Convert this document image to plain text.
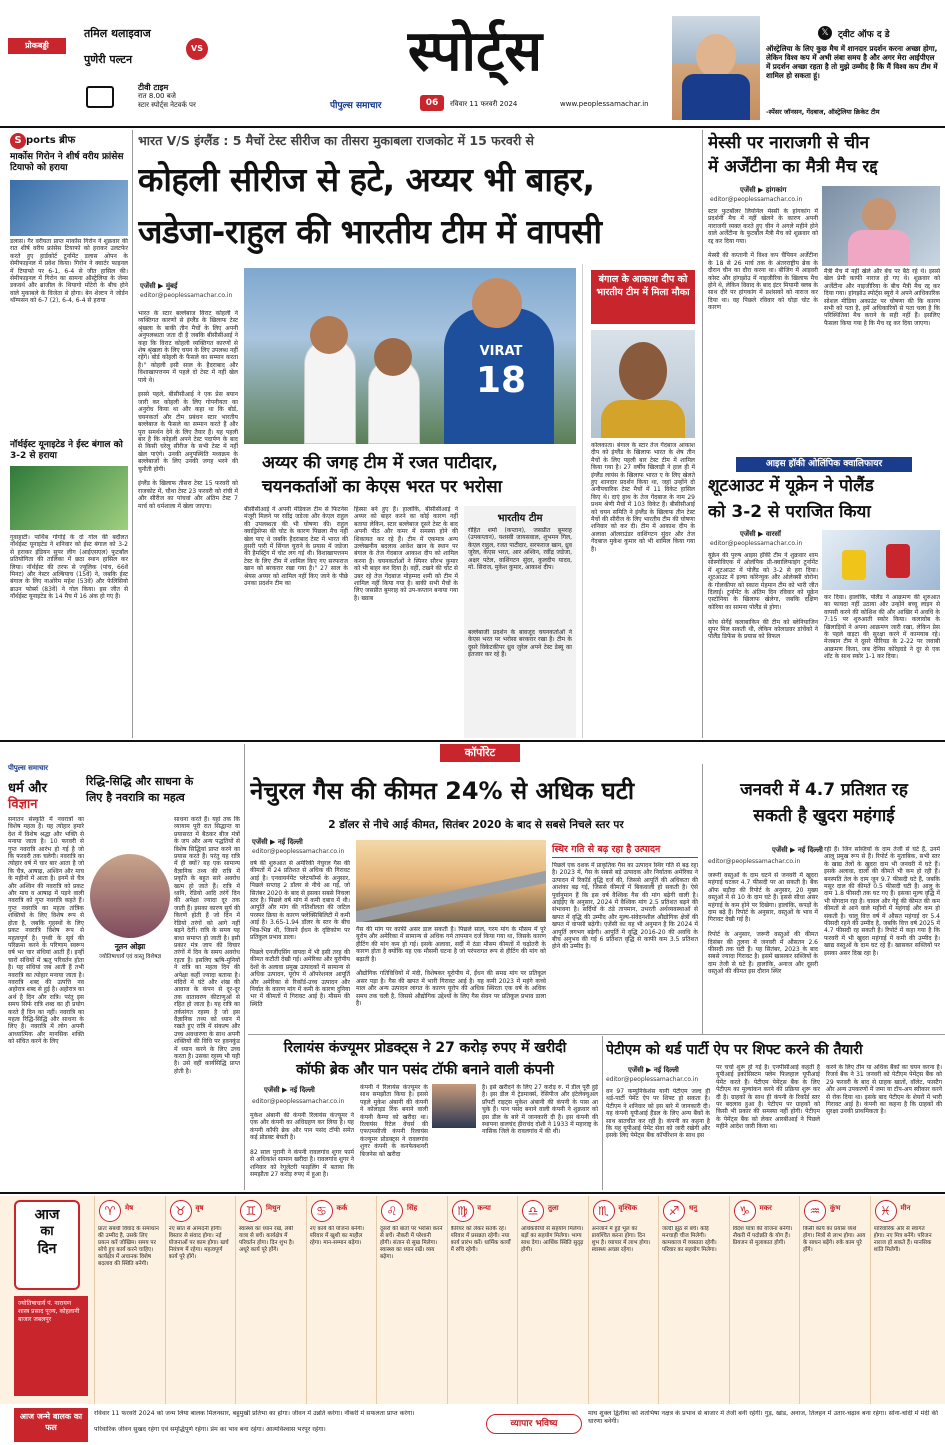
प्रोकबड्डी
तमिल थलाइवाज
VS
पुणेरी पल्टन
टीवी टाइम
रात 8.00 बजे
स्टार स्पोर्ट्स नेटवर्क पर
स्पोर्ट्स
पीपुल्स समाचार	06	रविवार 11 फरवरी 2024	www.peoplessamachar.in
𝕏	ट्वीट ऑफ द डे
ऑस्ट्रेलिया के लिए कुछ मैच में शानदार प्रदर्शन करना अच्छा होगा, लेकिन विश्व कप में अभी लंबा समय है और अगर मेरा आईपीएल में प्रदर्शन अच्छा रहता है तो मुझे उम्मीद है कि मैं विश्व कप टीम में शामिल हो सकता हूं।
-स्पेंसर जॉनसन, गेंदबाज, ऑस्ट्रेलिया क्रिकेट टीम
S ports ब्रीफ
मार्कोस गिरोन ने शीर्ष वरीय फ्रांसेस टियाफो को हराया
डलास। गैर वरीयता प्राप्त मार्कोस गिरोन ने शुक्रवार की रात शीर्ष वरीय फ्रांसेस टियाफो को हराकर उलटफेर करते हुए हार्डकोर्ट टूर्नामेंट डलास ओपन के सेमीफाइनल में प्रवेश किया। गिरोन ने क्वार्टर फाइनल में टियाफो पर 6-1, 6-4 से जीत हासिल की। सेमीफाइनल में गिरोन का सामना ऑस्ट्रेलिया के जेम्स डकवर्थ और ब्राजील के थियागो मोंटेरो के बीच होने वाले मुकाबले के विजेता से होगा। बेन शेल्टन ने जोर्डन थॉम्पसन को 6-7 (2), 6-4, 6-4 से हराया
नॉर्थईस्ट यूनाइटेड ने ईस्ट बंगाल को 3-2 से हराया
गुवाहाटी। पार्थिब गोगोई के दो गोल की बदौलत नॉर्थईस्ट यूनाइटेड ने शनिवार को ईस्ट बंगाल को 3-2 से हराकर इंडियन सुपर लीग (आईएसएल) फुटबॉल प्रतियोगिता की तालिका में छठा स्थान हासिल कर लिया। नॉर्थईस्ट की तरफ से ज्यूलिक (पांच, 66वें मिनट) और नेस्टर अल्बियाच (15वें) ने, जबकि ईस्ट बंगाल के लिए नाओरेम महेश (53वें) और फेलिसियो ब्राउन फोर्ब्स (83वें) ने गोल किया। इस जीत से नॉर्थईस्ट यूनाइटेड के 14 मैच में 16 अंक हो गए हैं।
भारत V/S इंग्लैंड : 5 मैचों टेस्ट सीरीज का तीसरा मुकाबला राजकोट में 15 फरवरी से
कोहली सीरीज से हटे, अय्यर भी बाहर,
जडेजा-राहुल की भारतीय टीम में वापसी
एजेंसी ▶ मुंबई
editor@peoplessamachar.co.in
भारत के स्टार बल्लेबाज विराट कोहली ने व्यक्तिगत कारणों से इंग्लैंड के खिलाफ टेस्ट श्रृंखला के बाकी तीन मैचों के लिए अपनी अनुपलब्धता जता दी है जबकि बीसीसीआई ने कहा कि विराट कोहली व्यक्तिगत कारणों से शेष श्रृंखला के लिए चयन के लिए उपलब्ध नहीं रहेंगे। बोर्ड कोहली के फैसले का सम्मान करता है।" कोहली इसी साल के हैदराबाद और विशाखापत्तनम में पहले दो टेस्ट में नहीं खेल पाये थे।

इससे पहले, बीसीसीआई ने एक प्रेस बयान जारी कर कोहली के लिए गोपनीयता का अनुरोध किया था और कहा था कि बोर्ड, चयनकर्ता और टीम प्रबंधन स्टार भारतीय बल्लेबाज के फैसले का सम्मान करते हैं और पूरा समर्थन देने के लिए तैयार हैं। यह पहली बार है कि कोहली अपने टेस्ट पदार्पण के बाद से किसी घरेलू सीरीज के सभी टेस्ट में नहीं खेल पाएंगे। उनकी अनुपस्थिति मध्यक्रम के बल्लेबाजों के लिए उनकी जगह भरने की चुनौती होगी।

इंग्लैंड के खिलाफ तीसरा टेस्ट 15 फरवरी को राजकोट में, चौथा टेस्ट 23 फरवरी को रांची में और सीरीज का पांचवां और अंतिम टेस्ट 7 मार्च को धर्मशाला में खेला जाएगा।
VIRAT
18
अय्यर की जगह टीम में रजत पाटीदार,
चयनकर्ताओं का केएस भरत पर भरोसा
बीसीसीआई ने अपनी मेडिकल टीम से फिटनेस मंजूरी मिलने पर रवींद्र जडेजा और केएल राहुल की उपलब्धता की भी घोषणा की। राहुल क्वाड्रिसेप्स की चोट के कारण पिछला मैच नहीं खेल पाए थे जबकि हैदराबाद टेस्ट में भारत की हुसरी पारी में सिंगल चुराने के प्रयास में जडेजा की हैमस्ट्रिंग में चोट लग गई थी। विशाखापत्तनम टेस्ट के लिए टीम में शामिल किए गए सरफराज खान को बरकरार रखा गया है।" 27 साल के श्रेयस अय्यर को शामिल नहीं किए जाने के पीछे उनका प्रदर्शन टीम का
हिस्सा बने हुए हैं। हालांकि, बीसीसीआई ने अय्यर को बाहर करने का कोई कारण नहीं बताया लेकिन, स्टार बल्लेबाज दूसरे टेस्ट के बाद अपनी पीठ और कमर में समस्या होने की शिकायत कर रहे हैं। टीम में एकमात्र अन्य उल्लेखनीय बदलाव आवेश खान के स्थान पर बंगाल के तेज गेंदबाज आकाश दीप को शामिल करना है। चयनकर्ताओं ने स्पिनर सौरभ कुमार को भी बाहर कर दिया है। वहीं, टखने की चोट से उबर रहे तेज गेंदबाज मोहम्मद शमी को टीम में शामिल नहीं किया गया है। बाकी सभी मैचों के लिए जसप्रीत बुमराह को उप-कप्तान बनाया गया है। ख्वाब
भारतीय टीम
रोहित शर्मा (कप्तान), जसप्रीत बुमराह (उपकप्तान), यशस्वी जायसवाल, शुभमन गिल, केएल राहुल, रजत पाटीदार, सरफराज खान, ध्रुव जुरेल, केएस भरत, आर अश्विन, रवींद्र जडेजा, अक्षर पटेल, वाशिंगटन सुंदर, कुलदीप यादव, मो. सिराज, मुकेश कुमार, आकाश दीप।
बल्लेबाजी प्रदर्शन के बावजूद चयनकर्ताओं ने केएस भरत पर भरोसा बरकरार रखा है। टीम के दूसरे विकेटकीपर ध्रुव जुरेल अपने टेस्ट डेब्यू का इंतजार कर रहे हैं।
बंगाल के आकाश दीप को भारतीय टीम में मिला मौका
कोलकाता। बंगाल के स्टार तेज गेंदबाज आकाश दीप को इंग्लैंड के खिलाफ भारत के शेष तीन मैचों के लिए पहली बार टेस्ट टीम में शामिल किया गया है। 27 वर्षीय खिलाड़ी ने हाल ही में इंग्लैंड लायंस के खिलाफ भारत ए के लिए खेलते हुए शानदार प्रदर्शन किया था, जहां उन्होंने दो अनौपचारिक टेस्ट मैचों में 11 विकेट हासिल किए थे। दाएं हाथ के तेज गेंदबाज के नाम 29 प्रथम श्रेणी मैचों में 103 विकेट हैं। बीसीसीआई को चयन समिति ने इंग्लैंड के खिलाफ तीन टेस्ट मैचों की सीरीज के लिए भारतीय टीम की घोषणा शनिवार को कर दी। टीम में आकाश दीप के अलावा ऑलराउंडर वाशिंगटन सुंदर और तेज गेंदबाज मुकेश कुमार को भी शामिल किया गया है।
मेस्सी पर नाराजगी से चीन
में अर्जेंटीना का मैत्री मैच रद्द
एजेंसी ▶ हांगकांग
editor@peoplessamachar.co.in
स्टार फुटबॉलर लियोनेल मेस्सी के हांगकांग में प्रदर्शनी मैच में नहीं खेलने के कारण अपनी नाराजगी व्यक्त करते हुए चीन ने अगले महीने होने वाले अर्जेंटीना के फुटबॉल मैत्री मैच को शुक्रवार को रद्द कर दिया गया।

मेस्सी की कप्तानी में विश्व कप चैंपियन अर्जेंटीना के 18 से 26 मार्च तक के अंतरराष्ट्रीय ब्रेक के दौरान चीन का दौरा करना था। बीजिंग में आइवरी कोस्ट और हांगझोउ में नाइजीरिया के खिलाफ मैच होने थे, लेकिन विवाद के बाद इंटर मियामी क्लब के साथ दौरे पर हांगकांग में प्रशंसकों को नाराज कर दिया था। वह पिछले रविवार को घोड़ा चोट के कारण
मैत्री मैच में नहीं खेले और बेंच पर बैठे रहे थे। इससे खेल प्रेमी काफी नाराज हो गए थे। शुक्रवार को अर्जेंटीना और नाइजीरिया के बीच मैत्री मैच रद्द कर दिया गया। हांगझोउ स्पोर्ट्स ब्यूरो ने अपने आधिकारिक सोशल मीडिया अकाउंट पर घोषणा की कि कारण सभी को पता है, हमें अधिकारियों से पता चला है कि परिस्थितियां मैच कराने के सही नहीं हैं। इसलिए फैसला किया गया है कि मैच रद्द कर दिया जाएगा।
आइस हॉकी ओलिंपिक क्वालिफायर
शूटआउट में यूक्रेन ने पोलैंड
को 3-2 से पराजित किया
एजेंसी ▶ वारसॉ
editor@peoplessamachar.co.in
यूक्रेन की पुरुष आइस हॉकी टीम ने शुक्रवार शाम सोस्नोविएक में ओलंपिक प्री-क्वालिफाइंग टूर्नामेंट में शूटआउट में पोलैंड को 3-2 से हरा दिया। शूटआउट में इल्या कोरेन्चुक और ओलेक्सी वोरोना के गोलकीपर को स्कारा मेहमान टीम को भारी जीत दिलाई। टूर्नामेंट के अंतिम दिन रविवार को यूक्रेन एस्टोनिया के खिलाफ खेलेगा, जबकि दक्षिण कोरिया का सामना पोलैंड से होगा।

कोच सेर्गेई कलाबाकिन की टीम को ब्लेनियाजिन सुपर मिल सकती थी, लेकिन कोलाडवर डांचेंको ने पोलैंड डिफेंस के प्रयास को विफल
कर दिया। हालांकि, पोलैंड ने आक्रमण की शुरुआत का फायदा नहीं उठाया और उन्होंने बच्चू लाइन से वापसी करने की कोशिश की और आखिर में अवधि के 7:15 पर शुरुआती स्कोर किया। कलावोब के खिलाड़ियों ने अपना आक्रमण जारी रखा, लेकिन प्रेस के पहले वाइटा की सुरक्षा करने में कामयाब रहे। मेजबान टीम ने दूसरे पीरियड के 2-22 पर जवाबी आक्रमण किया, जब देनिस कोरेइवडे ने दूर से एक शॉट के साथ स्कोर 1-1 कर दिया।
पीपुल्स समाचार
धर्म और
विज्ञान
रिद्धि-सिद्धि और साधना के
लिए है नवरात्रि का महत्व
सनातन संस्कृति में नवरात्रों का विशेष महत्व है। यह त्योहार हमारे देश में विशेष श्रद्धा और भक्ति से मनाया जाता है। 10 फरवरी से गुप्त नवरात्रि आरंभ हो गई है जो कि फरवरी तक चलेगी। नवरात्रि का त्योहार वर्ष में चार बार आता है जो कि चैत्र, आषाढ़, अश्विन और माघ के महीनों में आता है। इनमें से चैत्र और अश्विन की नवरात्रि को प्रकट और माघ व आषाढ़ में पड़ने वाली नवरात्रि को गुप्त नवरात्रि कहते हैं। गुप्त नवरात्रि का महत्व तांत्रिक शक्तियों के लिए विशेष रूप से होता है, जबकि गृहस्थों के लिए प्रकट नवरात्रि विशेष रूप से महत्वपूर्ण है। पृथ्वी के सूर्य की परिक्रमा करने के परिणाम स्वरूप वर्ष भर चार संधियां आती हैं। इन्हीं चारों संधियों में ऋतु परिवर्तन होता है। यह संधियां जब आती हैं तभी नवरात्रि का त्योहार मनाया जाता है। नवरात्रि शब्द की उत्पत्ति नव अहोरात्र शब्द से हुई है। अहोरात्र का अर्थ है दिन और रात्रि। परंतु इस समय सिर्फ रात्रि शब्द का ही प्रयोग करते हैं दिन का नहीं। नवरात्रि का महत्व रिद्धि-सिद्धि और साधना के लिए है। नवरात्रि में लोग अपनी आध्यात्मिक और मानसिक शक्ति को संचित करने के लिए
नूतन ओझा
ज्योतिषाचार्य एवं वास्तु विशेषज्ञ
साधना करते हैं। यहां तक कि व्यायाम पूरी रात सिद्धान्त या प्रयासरत में बैठकर बीज मंत्रों के जप और अन्य पद्धतियों से विशेष सिद्धियां प्राप्त करने का प्रयास करते हैं। परंतु यह रात्रि में ही क्यों? यह एक सामान्य वैज्ञानिक तथ्य की रात्रि में प्रकृति के बहुत सारे अवरोध खत्म हो जाते हैं। रात्रि में ध्वनि, रेडियो आदि तरंगें दिन की अपेक्षा ज्यादा दूर तक जाती हैं। इसका कारण सूर्य की किरणें होती हैं जो दिन में रेडियो तरंगों को आगे नहीं बढ़ने देतीं। रात्रि के समय यह बाधा समाप्त हो जाती है। इसी प्रकार मंत्र जाप की विचार तरंगों में दिन के समय अवरोध रहता है। इसलिए ऋषि-मुनियों ने रात्रि का महत्व दिन की अपेक्षा कहीं ज्यादा बताया है। मंदिरों में घंटे और शंख की आवाज के कंपन से दूर-दूर तक वातावरण कीटाणुओं से रहित हो जाता है। यह रात्रि का तर्कसंगत रहस्य है जो इस वैज्ञानिक तथ्य को ध्यान में रखते हुए रात्रि में संकल्प और उच्च अवधारणा के साथ अपनी शक्तियों की विधि पर हवनकुंड में ध्यान करने के लिए उच्च करता है। उसका रहस्य भी यही है। उसे वहीं कार्यसिद्धि प्राप्त होती है।
कॉर्पोरेट
नेचुरल गैस की कीमत 24% से अधिक घटी
2 डॉलर से नीचे आई कीमत, सितंबर 2020 के बाद से सबसे निचले स्तर पर
एजेंसी ▶ नई दिल्ली
editor@peoplessamachar.co.in
वर्ष की शुरुआत से अमेरिकी नेचुरल गैस की कीमतों में 24 प्रतिशत से अधिक की गिरावट आई है। एनवायर्नमेंट प्लेटफॉर्म्स के अनुसार, पिछले सप्ताह 2 डॉलर से नीचे आ गई, जो सितंबर 2020 के बाद से इसका सबसे निचला स्तर है। पिछले वर्ष मांग में कमी दबाव में थी। आपूर्ति और मांग की गतिशीलता की जटिल परस्पर क्रिया के कारण फ्लेक्सिबिलिटी में कमी आई है। 3.65-1.94 डॉलर के स्तर के बीच भिन्न-भिन्न थी, जिसने ईंधन के दृष्टिकोण पर प्रतिकूल प्रभाव डाला।

पिछले एनर्जीएसिंग वायदा में भी इसी तरह की कीमत कटौती देखी गई। अमेरिका और यूरोपीय देशों के अलावा प्रमुख उत्पादकों में सामान्य से अधिक उत्पादन, यूरोप में ऑपरेशनल आपूर्ति और अमेरिका से रिकॉर्ड-उच्च उत्पादन और निर्यात के कारण मांग में कमी के कारण दुनिया भर में कीमतों में गिरावट आई है। मौसम की स्थिति
गैस की मांग पर काफी असर डाल सकती है। पिछले साल, गरम मांग के मौसम में पूरे यूरोप और अमेरिका में सामान्य से अधिक गर्म तापमान दर्ज किया गया था, जिसके कारण हीटिंग की मांग कम हो गई। इसके अलावा, सर्दी में ठंडा मौसम कीमतों में चढ़ोतरी के कारण होता है क्योंकि यह एक मौसमी घटना है जो परंपरागत रूप से हीटिंग की मांग को बढ़ाती है।

औद्योगिक गतिविधियों में मंदी, विशेषकर यूरोपीय में, ईंधन की समग्र मांग पर प्रतिकूल असर पड़ा है। गैस की खपत में भारी गिरावट आई है। यह कमी 2023 में महंगे कच्चे माल और अन्य उत्पादन लागत के कारण यूरोप की अधिक स्थिरता एक वर्ष के अधिक समय तक चली है, जिससे औद्योगिक उद्देश्यों के लिए गैस सेवन पर प्रतिकूल प्रभाव डाला है।
स्थिर गति से बढ़ रहा है उत्पादन
पिछले एक दशक में प्राकृतिक गैस का उत्पादन स्थिर गति से बढ़ रहा है। 2023 में, गैस के सबसे बड़े उत्पादक और निर्यातक अमेरिका ने उत्पादन में रिकॉर्ड वृद्धि दर्ज की, जिससे आपूर्ति की अधिकता की आशंका बढ़ गई, जिससे कीमतों में बिकवाली हो सकती है। ऐसे पूर्वानुमान हैं कि इस वर्ष वैश्विक गैस की मांग बढ़ेगी वाली है। आईईए के अनुसार, 2024 में वैश्विक मांग 2.5 प्रतिशत बढ़ने की संभावना है। सर्दियों के ठंडे तापमान, उभरती अर्थव्यवस्थाओं से खपत में वृद्धि की उम्मीद और मूल्य-संवेदनशील औद्योगिक क्षेत्रों की खपत में वापसी बढ़ेगी। एजेंसी का यह भी अनुमान है कि 2024 में आपूर्ति लगभग बढ़ेगी। आपूर्ति में वृद्धि 2016-20 की अवधि के बीच अनुभव की गई 6 प्रतिशत वृद्धि से काफी कम 3.5 प्रतिशत होने की उम्मीद है।
जनवरी में 4.7 प्रतिशत रह
सकती है खुदरा महंगाई
एजेंसी ▶ नई दिल्ली
editor@peoplessamachar.co.in
जरूरी वस्तुओं के दाम घटने से जनवरी में खुदरा महंगाई घटकर 4.7 फीसदी पर आ सकती है। बैंक ऑफ बड़ौदा की रिपोर्ट के अनुसार, 20 मुख्य वस्तुओं में से 10 के दाम घटे हैं। इससे सीधा असर महंगाई के कम होने पर दिखेगा। हालांकि, कपड़ों के दाम बढ़े हैं। रिपोर्ट के अनुसार, वस्तुओं के भाव में गिरावट देखी गई है।

रिपोर्ट के अनुसार, जरूरी वस्तुओं की कीमत दिसंबर की तुलना में जनवरी में औसतन 2.6 फीसदी तक घटी हैं। यह सितंबर, 2023 के बाद सबसे ज्यादा गिरावट है। इसमें खासकर सब्जियों के दाम तेजी से घटे हैं। हालांकि, अनाज और दूसरी वस्तुओं की कीमत इस दौरान स्थिर
रही हैं। जिन सब्जियों के दाम तेजी से घटे हैं, उनमें आलू प्रमुख रूप से हैं। रिपोर्ट के मुताबिक, सभी स्तर के खाद्य तेलों के खुदरा दाम भी जनवरी में घटे हैं। इसके अलावा, दालों की कीमतें भी कम हो रही हैं। बनस्पति तेल के दाम जून 9.7 फीसदी घटे हैं, जबकि मसूर दाल की कीमतें 0.5 फीसदी घटी हैं। आलू के दाम 1.8 फीसदी तक घट गए हैं। इसका मूल्य वृद्धि में भी योगदान रहा है। चावल और गेहूं की कीमत की कम कीमतों से आने वाले महीनों में महंगाई और कम हो सकती है। चालू वित्त वर्ष में औसत महंगाई दर 5.4 फीसदी रहने की उम्मीद है, जबकि वित्त वर्ष 2025 में 4.7 फीसदी रह सकती है। रिपोर्ट में कहा गया है कि फरवरी में भी खुदरा महंगाई में कमी की उम्मीद है। खाद्य वस्तुओं के दाम घट रहे हैं। खासकर सब्जियों पर इसका असर दिख रहा है।
रिलायंस कंज्यूमर प्रोडक्ट्स ने 27 करोड़ रुपए में खरीदी
कॉफी ब्रेक और पान पसंद टॉफी बनाने वाली कंपनी
एजेंसी ▶ नई दिल्ली
editor@peoplessamachar.co.in
मुकेश अंबानी की कंपनी रिलायंस कंज्यूमर ने एक और कंपनी का अधिग्रहण कर लिया है। यह कंपनी कॉफी ब्रेक और पान पसंद टॉफी समेत कई प्रोडक्ट बेचती है।

82 साल पुरानी ने कंपनी रावलगांव शुगर फार्म से अधिकांश सामान खरीदा है। रावलगांव शुगर ने शनिवार को रेगुलेटरी फाइलिंग में बताया कि समझौता 27 करोड़ रुपए में हुआ है।
कंपनी ने रिलायंस कंज्यूमर के साथ समझौता किया है। इससे पहले मुकेश अंबानी की कंपनी ने कोलाइड रिंक बनाने वाली कंपनी कैम्पा को खरीदा था। रिलायंस रिटेल वेंचर्स की एफएमसीजी कंपनी रिलायंस कंज्यूमर प्रोडक्ट्स ने रावलगांव शुगर कंपनी के कनफेक्शनरी बिजनेस को खरीदा
है। इसे खरीदने के लिए 27 करोड़ रु. में डील पूरी हुई है। इस डील में ट्रेडमार्क्स, रेसिपीज और इंटेलेक्चुअल प्रॉपर्टी राइट्स मुकेश अंबानी की कंपनी के पास आ चुके हैं। पान पसंद बनाने वाली कंपनी ने शुक्रवार को इस डील के बारे में जानकारी दी है। इस कंपनी की स्थापना वालचंद हीराचंद दोशी ने 1933 में महाराष्ट्र के नासिक जिले के रावलगांव में की थी।
पेटीएम को थर्ड पार्टी ऐप पर शिफ्ट करने की तैयारी
एजेंसी ▶ नई दिल्ली
editor@peoplessamachar.co.in
वन 97 कम्युनिकेशंस यानी पेटीएम जल्द ही थर्ड-पार्टी पेमेंट ऐप पर शिफ्ट हो सकता है। पेटीएम ने शनिवार को इस बारे में जानकारी दी। यह कंपनी यूपीआई हैंडल के लिए अन्य बैंकों के साथ बातचीत कर रही है। कंपनी का कहना है कि यह यूपीआई पेमेंट सेवा को जारी रखेगी और इसके लिए पेमेंट्स बैंक कॉर्पोरेशन के साथ इस
पर चर्चा शुरू हो गई है। एनपीसीआई कहती है यूपीआई इकोसिस्टम फ्लेम फिलहाल यूपीआई पेमेंट करते हैं। पेटीएम पेमेंट्स बैंक के लिए पेटीएम का मूल्यांकन करने की प्रक्रिया शुरू कर दी है। ग्राहकों के साथ ही कंपनी के रिकॉर्ड स्तर पर बदलाव हुआ है। पेटीएम पर ग्राहकों को किसी भी प्रकार की समस्या नहीं होगी। पेटीएम के पेमेंट्स बैंक को लेकर आरबीआई ने पिछले महीने आदेश जारी किया था।
करने के लिए तीन या अधिक बैंकों का चयन करना है। रिजर्व बैंक ने 31 जनवरी को पेटीएम पेमेंट्स बैंक को 29 फरवरी के बाद से ग्राहक खातों, वॉलेट, फास्टैग और अन्य उपकरणों में जमा या टॉप-अप स्वीकार करने से रोक दिया था। इसके बाद पेटीएम के शेयरों में भारी गिरावट आई है। कंपनी का कहना है कि ग्राहकों की सुरक्षा उनकी प्राथमिकता है।
आज
का
दिन
ज्योतिषाचार्य पं. नारायण शास्त्र प्रसाद पूज्य, कोहलानी बाजार जबलपुर
♈	मेष
प्रातः संबंधी विवाद के समाधान की उम्मीद है, उसके लिए प्रयत्न करें जोखिम। समय पर सोचे हुए कार्य करने चाहिए। कार्यक्षेत्र में अचानक विशेष बदलाव की स्थिति बनेगी।
♉	वृष
नए स्रोत से आमदनी होगी। विस्तार से संवाद होगा। नई योजनाओं पर काम होगा। खर्च नियंत्रण में रहेगा। महत्वपूर्ण कार्य पूरे होंगे।
♊	मिथुन
स्वास्थ्य का ध्यान रखें, लंबी यात्रा से बचें। कार्यक्षेत्र में परिवर्तन होगा। दिन शुभ है। अधूरे कार्य पूरे होंगे।
♋	कर्क
नए कार्य की योजना बनेगी। परिवार में खुशी का माहौल रहेगा। मान-सम्मान बढ़ेगा।
♌	सिंह
दूसरों की बातों पर भरोसा करने से बचें। नौकरी में परेशानी होगी। संतान से सुख मिलेगा। स्वास्थ्य का ध्यान रखें। व्यय बढ़ेगा।
♍	कन्या
कैरियर को लेकर सतर्क रहें। परिवार में प्रसन्नता रहेगी। नया कार्य प्रारंभ करें। धार्मिक कार्यों में रुचि रहेगी।
♎	तुला
अधिकारियों से सहयोग मिलेगा। बड़ों का सहयोग मिलेगा। भाग्य साथ देगा। आर्थिक स्थिति सुदृढ़ होगी।
♏	वृश्चिक
अनजाने में हुई भूल का प्रायश्चित करना होगा। दिन शुभ है। व्यापार में लाभ होगा। स्वास्थ्य अच्छा रहेगा।
♐	धनु
जल्दी झूठ से बचें। कोई मनचाही चीज मिलेगी। कामकाज में व्यस्तता रहेगी। परिवार का सहयोग मिलेगा।
♑	मकर
विदेश यात्रा की योजना बनेगी। नौकरी में पदोन्नति के योग हैं। प्रियजन से मुलाकात होगी।
♒	कुंभ
किसी कार्य का प्रयास व्यर्थ होगा। मित्रों से लाभ होगा। आय के साधन बढ़ेंगे। रुके काम पूरे होंगे।
♓	मीन
पारिवारिक ओर से स्वागत होगा। नए मित्र बनेंगे। परिजन नाराज हो सकते हैं। मानसिक शांति मिलेगी।
आज जन्मे बालक का फल
रविवार 11 फरवरी 2024 को जन्म लिया बालक मिलनसार, बहुमुखी प्रतिभा का होगा। जीवन में उन्नति करेगा। नौकरी में सफलता प्राप्त करेगा।
परिवारिक जीवन सुखद रहेगा एवं समृद्धिपूर्ण रहेगा। प्रेम का भाव बना रहेगा। आत्मविश्वास भरपूर रहेगा।
व्यापार भविष्य
माघ शुक्ल द्वितीया को शतभिषा नक्षत्र के प्रभाव से बाजार में तेजी बनी रहेगी। गुड़, खांड, अनाज, तिलहन में उतार-चढ़ाव बना रहेगा। सोना-चांदी में मंदी की धारणा बनेगी।
